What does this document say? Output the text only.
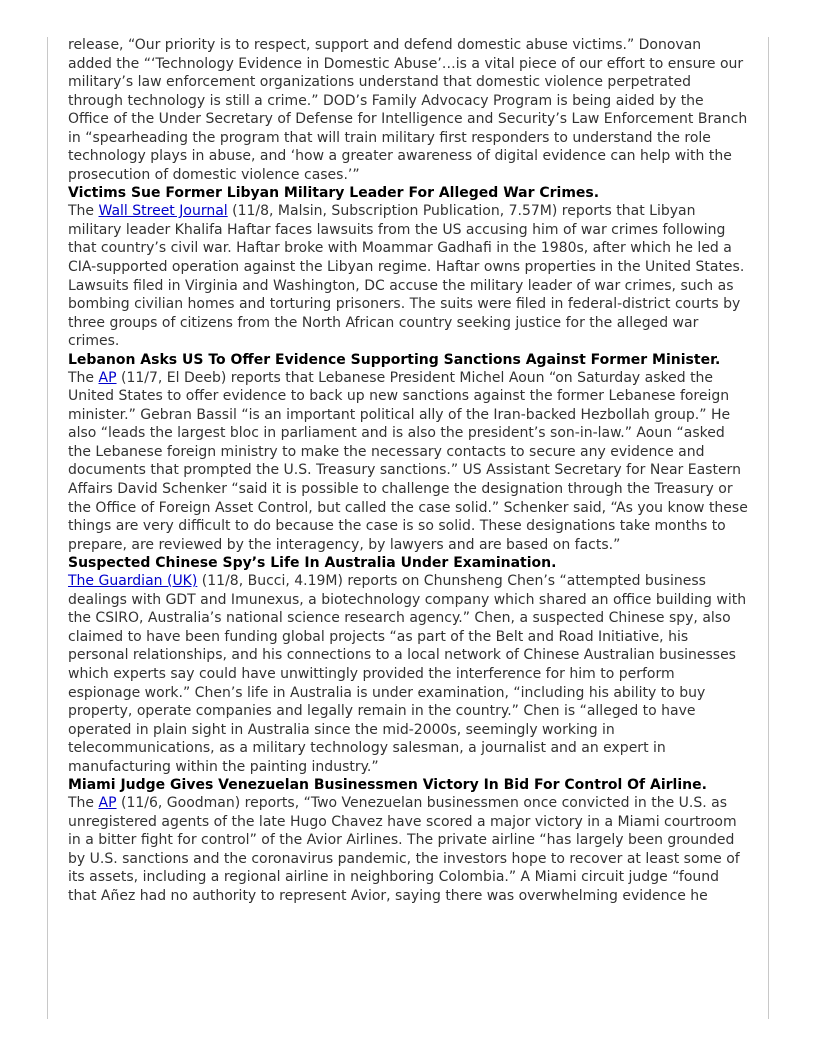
release, “Our priority is to respect, support and defend domestic abuse victims.” Donovan added the “‘Technology Evidence in Domestic Abuse’…is a vital piece of our effort to ensure our military’s law enforcement organizations understand that domestic violence perpetrated through technology is still a crime.” DOD’s Family Advocacy Program is being aided by the Office of the Under Secretary of Defense for Intelligence and Security’s Law Enforcement Branch in “spearheading the program that will train military first responders to understand the role technology plays in abuse, and ‘how a greater awareness of digital evidence can help with the prosecution of domestic violence cases.’”

Victims Sue Former Libyan Military Leader For Alleged War Crimes.

The Wall Street Journal (11/8, Malsin, Subscription Publication, 7.57M) reports that Libyan military leader Khalifa Haftar faces lawsuits from the US accusing him of war crimes following that country’s civil war. Haftar broke with Moammar Gadhafi in the 1980s, after which he led a CIA-supported operation against the Libyan regime. Haftar owns properties in the United States. Lawsuits filed in Virginia and Washington, DC accuse the military leader of war crimes, such as bombing civilian homes and torturing prisoners. The suits were filed in federal-district courts by three groups of citizens from the North African country seeking justice for the alleged war crimes.

Lebanon Asks US To Offer Evidence Supporting Sanctions Against Former Minister.

The AP (11/7, El Deeb) reports that Lebanese President Michel Aoun “on Saturday asked the United States to offer evidence to back up new sanctions against the former Lebanese foreign minister.” Gebran Bassil “is an important political ally of the Iran-backed Hezbollah group.” He also “leads the largest bloc in parliament and is also the president’s son-in-law.” Aoun “asked the Lebanese foreign ministry to make the necessary contacts to secure any evidence and documents that prompted the U.S. Treasury sanctions.” US Assistant Secretary for Near Eastern Affairs David Schenker “said it is possible to challenge the designation through the Treasury or the Office of Foreign Asset Control, but called the case solid.” Schenker said, “As you know these things are very difficult to do because the case is so solid. These designations take months to prepare, are reviewed by the interagency, by lawyers and are based on facts.”

Suspected Chinese Spy’s Life In Australia Under Examination.

The Guardian (UK) (11/8, Bucci, 4.19M) reports on Chunsheng Chen’s “attempted business dealings with GDT and Imunexus, a biotechnology company which shared an office building with the CSIRO, Australia’s national science research agency.” Chen, a suspected Chinese spy, also claimed to have been funding global projects “as part of the Belt and Road Initiative, his personal relationships, and his connections to a local network of Chinese Australian businesses which experts say could have unwittingly provided the interference for him to perform espionage work.” Chen’s life in Australia is under examination, “including his ability to buy property, operate companies and legally remain in the country.” Chen is “alleged to have operated in plain sight in Australia since the mid-2000s, seemingly working in telecommunications, as a military technology salesman, a journalist and an expert in manufacturing within the painting industry.”

Miami Judge Gives Venezuelan Businessmen Victory In Bid For Control Of Airline.

The AP (11/6, Goodman) reports, “Two Venezuelan businessmen once convicted in the U.S. as unregistered agents of the late Hugo Chavez have scored a major victory in a Miami courtroom in a bitter fight for control” of the Avior Airlines. The private airline “has largely been grounded by U.S. sanctions and the coronavirus pandemic, the investors hope to recover at least some of its assets, including a regional airline in neighboring Colombia.” A Miami circuit judge “found that Añez had no authority to represent Avior, saying there was overwhelming evidence he
